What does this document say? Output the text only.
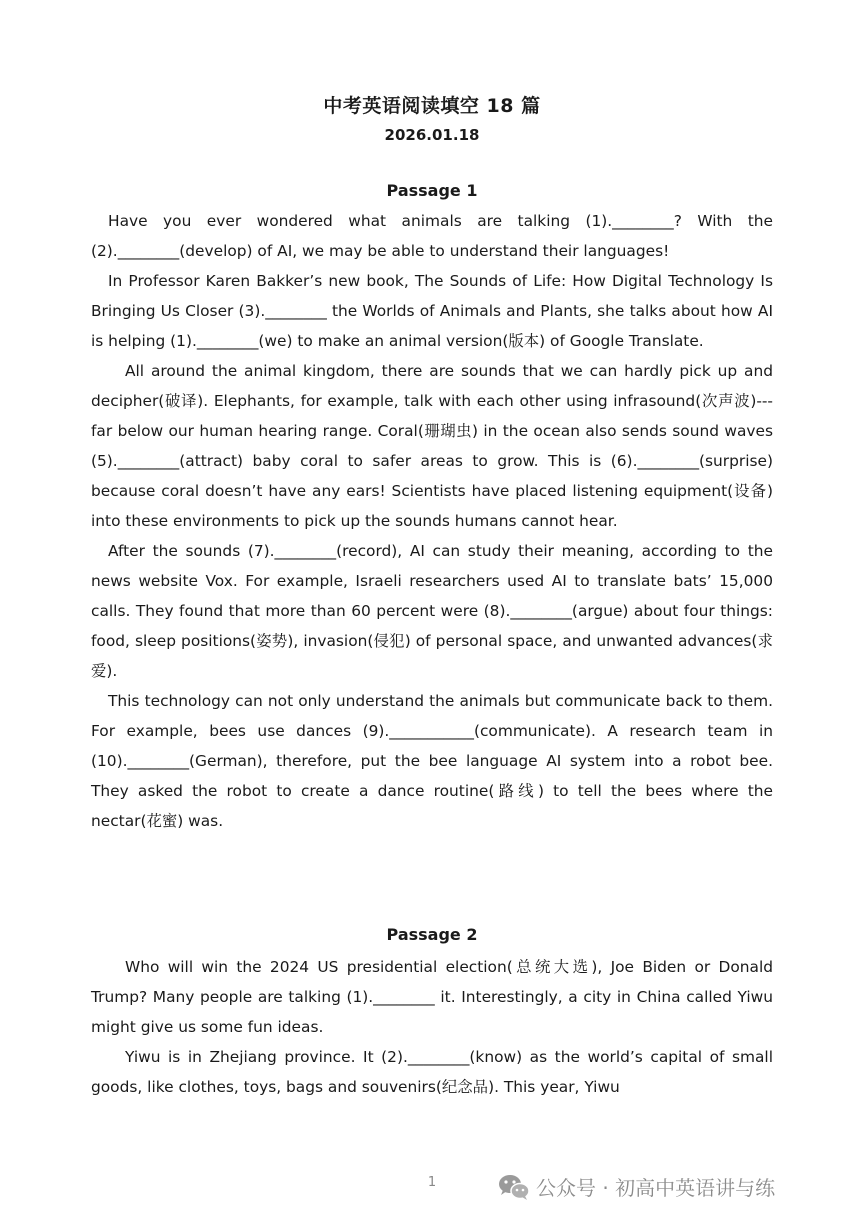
中考英语阅读填空 18 篇
2026.01.18
Passage 1

Have you ever wondered what animals are talking (1).________? With the (2).________(develop) of AI, we may be able to understand their languages!

In Professor Karen Bakker’s new book, The Sounds of Life: How Digital Technology Is Bringing Us Closer (3).________ the Worlds of Animals and Plants, she talks about how AI is helping (1).________(we) to make an animal version(版本) of Google Translate.

All around the animal kingdom, there are sounds that we can hardly pick up and decipher(破译). Elephants, for example, talk with each other using infrasound(次声波)---far below our human hearing range. Coral(珊瑚虫) in the ocean also sends sound waves (5).________(attract) baby coral to safer areas to grow. This is (6).________(surprise) because coral doesn’t have any ears! Scientists have placed listening equipment(设备) into these environments to pick up the sounds humans cannot hear.

After the sounds (7).________(record), AI can study their meaning, according to the news website Vox. For example, Israeli researchers used AI to translate bats’ 15,000 calls. They found that more than 60 percent were (8).________(argue) about four things: food, sleep positions(姿势), invasion(侵犯) of personal space, and unwanted advances(求爱).

This technology can not only understand the animals but communicate back to them. For example, bees use dances (9).___________(communicate). A research team in (10).________(German), therefore, put the bee language AI system into a robot bee. They asked the robot to create a dance routine(路线) to tell the bees where the nectar(花蜜) was.

Passage 2

Who will win the 2024 US presidential election(总统大选), Joe Biden or Donald Trump? Many people are talking (1).________ it. Interestingly, a city in China called Yiwu might give us some fun ideas.

Yiwu is in Zhejiang province. It (2).________(know) as the world’s capital of small goods, like clothes, toys, bags and souvenirs(纪念品). This year, Yiwu

1	公众号 · 初高中英语讲与练
